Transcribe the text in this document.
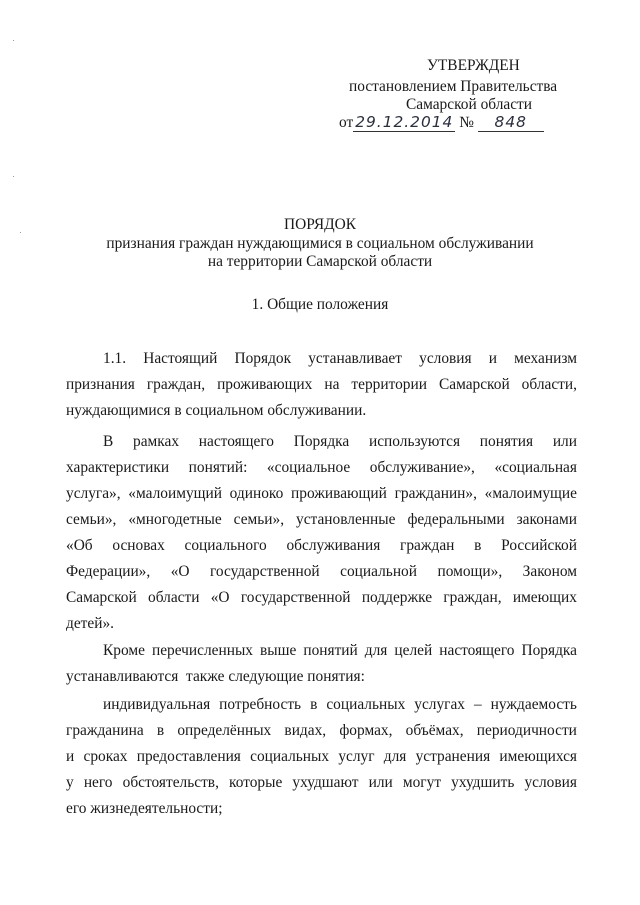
УТВЕРЖДЕН
постановлением Правительства
Самарской области
от 29.12.2014 № 848
ПОРЯДОК
признания граждан нуждающимися в социальном обслуживании
на территории Самарской области
1. Общие положения
1.1. Настоящий Порядок устанавливает условия и механизм
признания граждан, проживающих на территории Самарской области,
нуждающимися в социальном обслуживании.
В рамках настоящего Порядка используются понятия или
характеристики понятий: «социальное обслуживание», «социальная
услуга», «малоимущий одиноко проживающий гражданин», «малоимущие
семьи», «многодетные семьи», установленные федеральными законами
«Об основах социального обслуживания граждан в Российской
Федерации», «О государственной социальной помощи», Законом
Самарской области «О государственной поддержке граждан, имеющих
детей».
Кроме перечисленных выше понятий для целей настоящего Порядка
устанавливаются  также следующие понятия:
индивидуальная потребность в социальных услугах – нуждаемость
гражданина в определённых видах, формах, объёмах, периодичности
и сроках предоставления социальных услуг для устранения имеющихся
у него обстоятельств, которые ухудшают или могут ухудшить условия
его жизнедеятельности;
